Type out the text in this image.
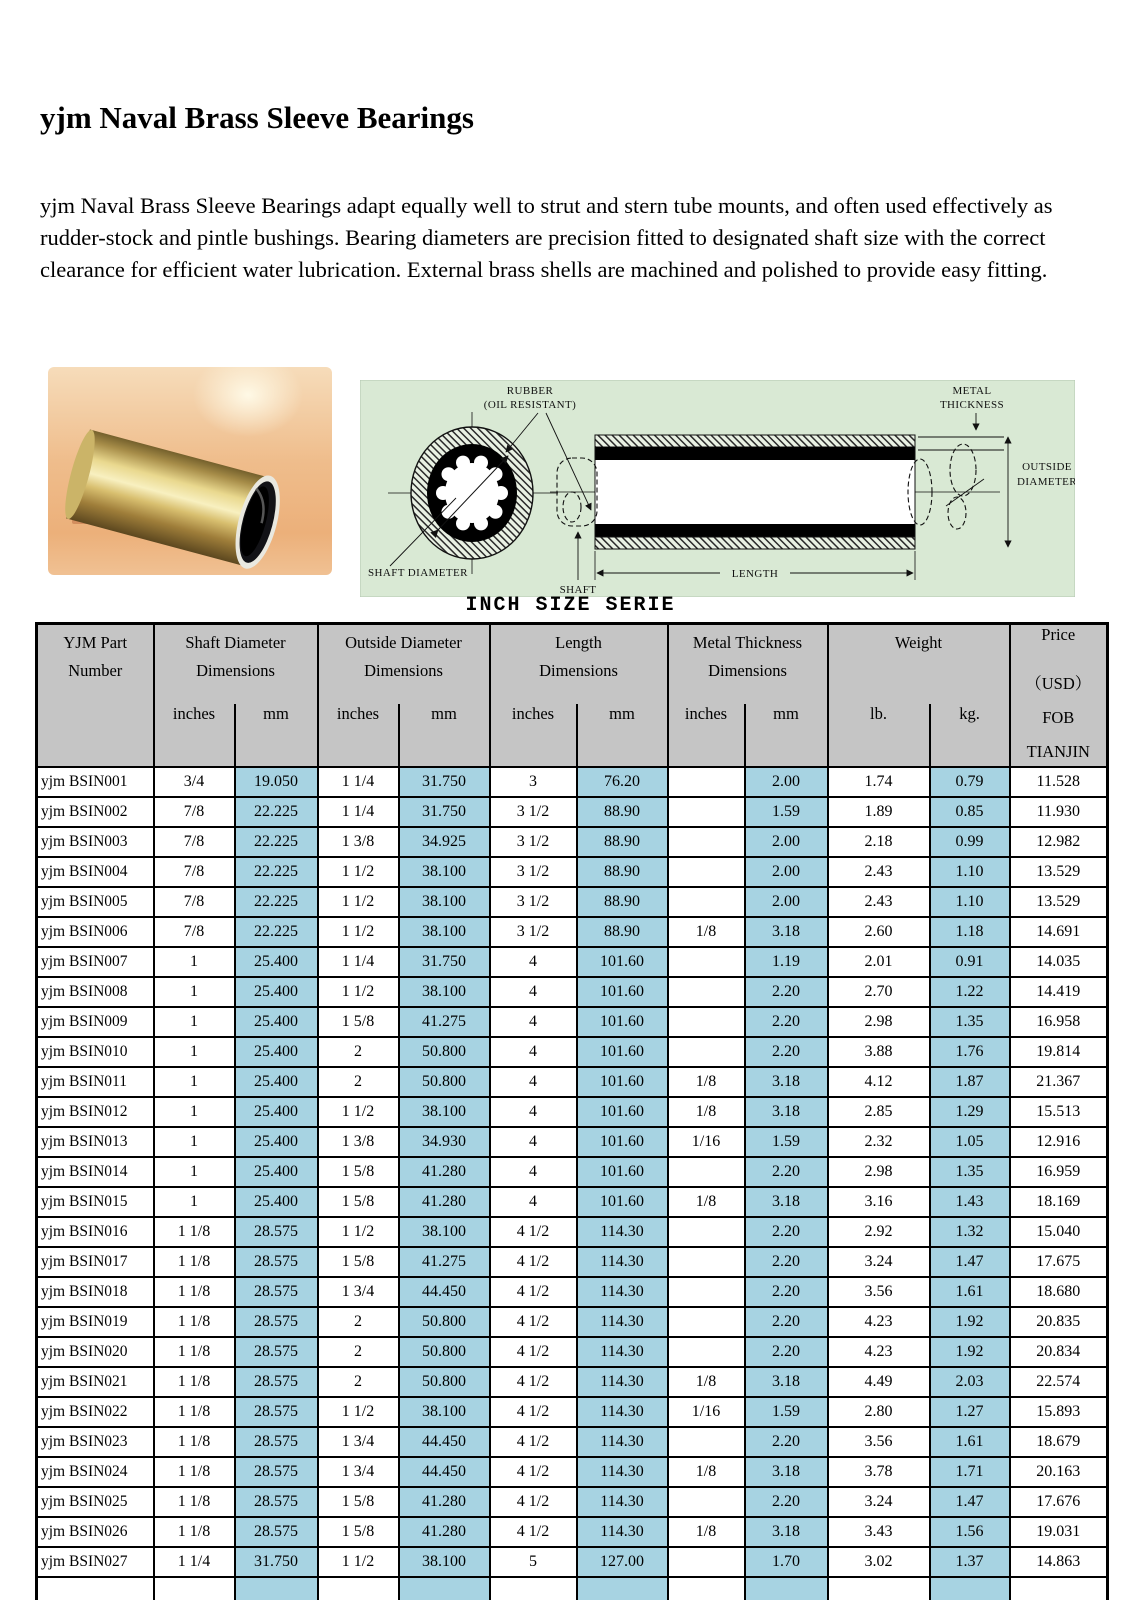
yjm Naval Brass Sleeve Bearings

yjm Naval Brass Sleeve Bearings adapt equally well to strut and stern tube mounts, and often used effectively as rudder-stock and pintle bushings. Bearing diameters are precision fitted to designated shaft size with the correct clearance for efficient water lubrication. External brass shells are machined and polished to provide easy fitting.

RUBBER
(OIL RESISTANT)
METAL
THICKNESS
OUTSIDE
DIAMETER
SHAFT DIAMETER
SHAFT
LENGTH

INCH SIZE SERIE

YJM Part
Number

Shaft Diameter
Dimensions

Outside Diameter
Dimensions

Length
Dimensions

Metal Thickness
Dimensions

Weight	Price

											（USD）
FOB
TIANJIN

	inches	mm	inches	mm	inches	mm	inches	mm	lb.	kg.	
yjm BSIN001	3/4	19.050	1 1/4	31.750	3	76.20		2.00	1.74	0.79	11.528
yjm BSIN002	7/8	22.225	1 1/4	31.750	3 1/2	88.90		1.59	1.89	0.85	11.930
yjm BSIN003	7/8	22.225	1 3/8	34.925	3 1/2	88.90		2.00	2.18	0.99	12.982
yjm BSIN004	7/8	22.225	1 1/2	38.100	3 1/2	88.90		2.00	2.43	1.10	13.529
yjm BSIN005	7/8	22.225	1 1/2	38.100	3 1/2	88.90		2.00	2.43	1.10	13.529
yjm BSIN006	7/8	22.225	1 1/2	38.100	3 1/2	88.90	1/8	3.18	2.60	1.18	14.691
yjm BSIN007	1	25.400	1 1/4	31.750	4	101.60		1.19	2.01	0.91	14.035
yjm BSIN008	1	25.400	1 1/2	38.100	4	101.60		2.20	2.70	1.22	14.419
yjm BSIN009	1	25.400	1 5/8	41.275	4	101.60		2.20	2.98	1.35	16.958
yjm BSIN010	1	25.400	2	50.800	4	101.60		2.20	3.88	1.76	19.814
yjm BSIN011	1	25.400	2	50.800	4	101.60	1/8	3.18	4.12	1.87	21.367
yjm BSIN012	1	25.400	1 1/2	38.100	4	101.60	1/8	3.18	2.85	1.29	15.513
yjm BSIN013	1	25.400	1 3/8	34.930	4	101.60	1/16	1.59	2.32	1.05	12.916
yjm BSIN014	1	25.400	1 5/8	41.280	4	101.60		2.20	2.98	1.35	16.959
yjm BSIN015	1	25.400	1 5/8	41.280	4	101.60	1/8	3.18	3.16	1.43	18.169
yjm BSIN016	1 1/8	28.575	1 1/2	38.100	4 1/2	114.30		2.20	2.92	1.32	15.040
yjm BSIN017	1 1/8	28.575	1 5/8	41.275	4 1/2	114.30		2.20	3.24	1.47	17.675
yjm BSIN018	1 1/8	28.575	1 3/4	44.450	4 1/2	114.30		2.20	3.56	1.61	18.680
yjm BSIN019	1 1/8	28.575	2	50.800	4 1/2	114.30		2.20	4.23	1.92	20.835
yjm BSIN020	1 1/8	28.575	2	50.800	4 1/2	114.30		2.20	4.23	1.92	20.834
yjm BSIN021	1 1/8	28.575	2	50.800	4 1/2	114.30	1/8	3.18	4.49	2.03	22.574
yjm BSIN022	1 1/8	28.575	1 1/2	38.100	4 1/2	114.30	1/16	1.59	2.80	1.27	15.893
yjm BSIN023	1 1/8	28.575	1 3/4	44.450	4 1/2	114.30		2.20	3.56	1.61	18.679
yjm BSIN024	1 1/8	28.575	1 3/4	44.450	4 1/2	114.30	1/8	3.18	3.78	1.71	20.163
yjm BSIN025	1 1/8	28.575	1 5/8	41.280	4 1/2	114.30		2.20	3.24	1.47	17.676
yjm BSIN026	1 1/8	28.575	1 5/8	41.280	4 1/2	114.30	1/8	3.18	3.43	1.56	19.031
yjm BSIN027	1 1/4	31.750	1 1/2	38.100	5	127.00		1.70	3.02	1.37	14.863
